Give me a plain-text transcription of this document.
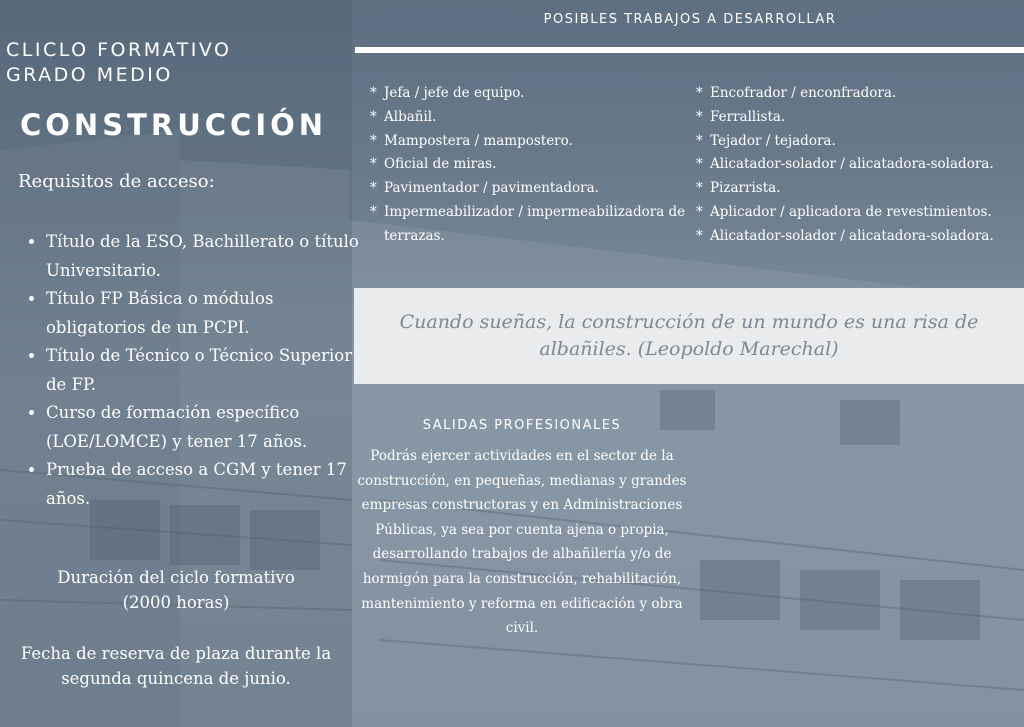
CLICLO FORMATIVO
GRADO MEDIO
CONSTRUCCIÓN
Requisitos de acceso:
• Título de la ESO, Bachillerato o título Universitario.
• Título FP Básica o módulos obligatorios de un PCPI.
• Título de Técnico o Técnico Superior de FP.
• Curso de formación específico (LOE/LOMCE) y tener 17 años.
• Prueba de acceso a CGM y tener 17 años.
Duración del ciclo formativo
(2000 horas)
Fecha de reserva de plaza durante la
segunda quincena de junio.
POSIBLES TRABAJOS A DESARROLLAR
* Jefa / jefe de equipo.
* Albañil.
* Mampostera / mampostero.
* Oficial de miras.
* Pavimentador / pavimentadora.
* Impermeabilizador / impermeabilizadora de terrazas.
* Encofrador / enconfradora.
* Ferrallista.
* Tejador / tejadora.
* Alicatador-solador / alicatadora-soladora.
* Pizarrista.
* Aplicador / aplicadora de revestimientos.
* Alicatador-solador / alicatadora-soladora.
Cuando sueñas, la construcción de un mundo es una risa de albañiles. (Leopoldo Marechal)
SALIDAS PROFESIONALES
Podrás ejercer actividades en el sector de la construcción, en pequeñas, medianas y grandes empresas constructoras y en Administraciones Públicas, ya sea por cuenta ajena o propia, desarrollando trabajos de albañilería y/o de hormigón para la construcción, rehabilitación, mantenimiento y reforma en edificación y obra civil.
